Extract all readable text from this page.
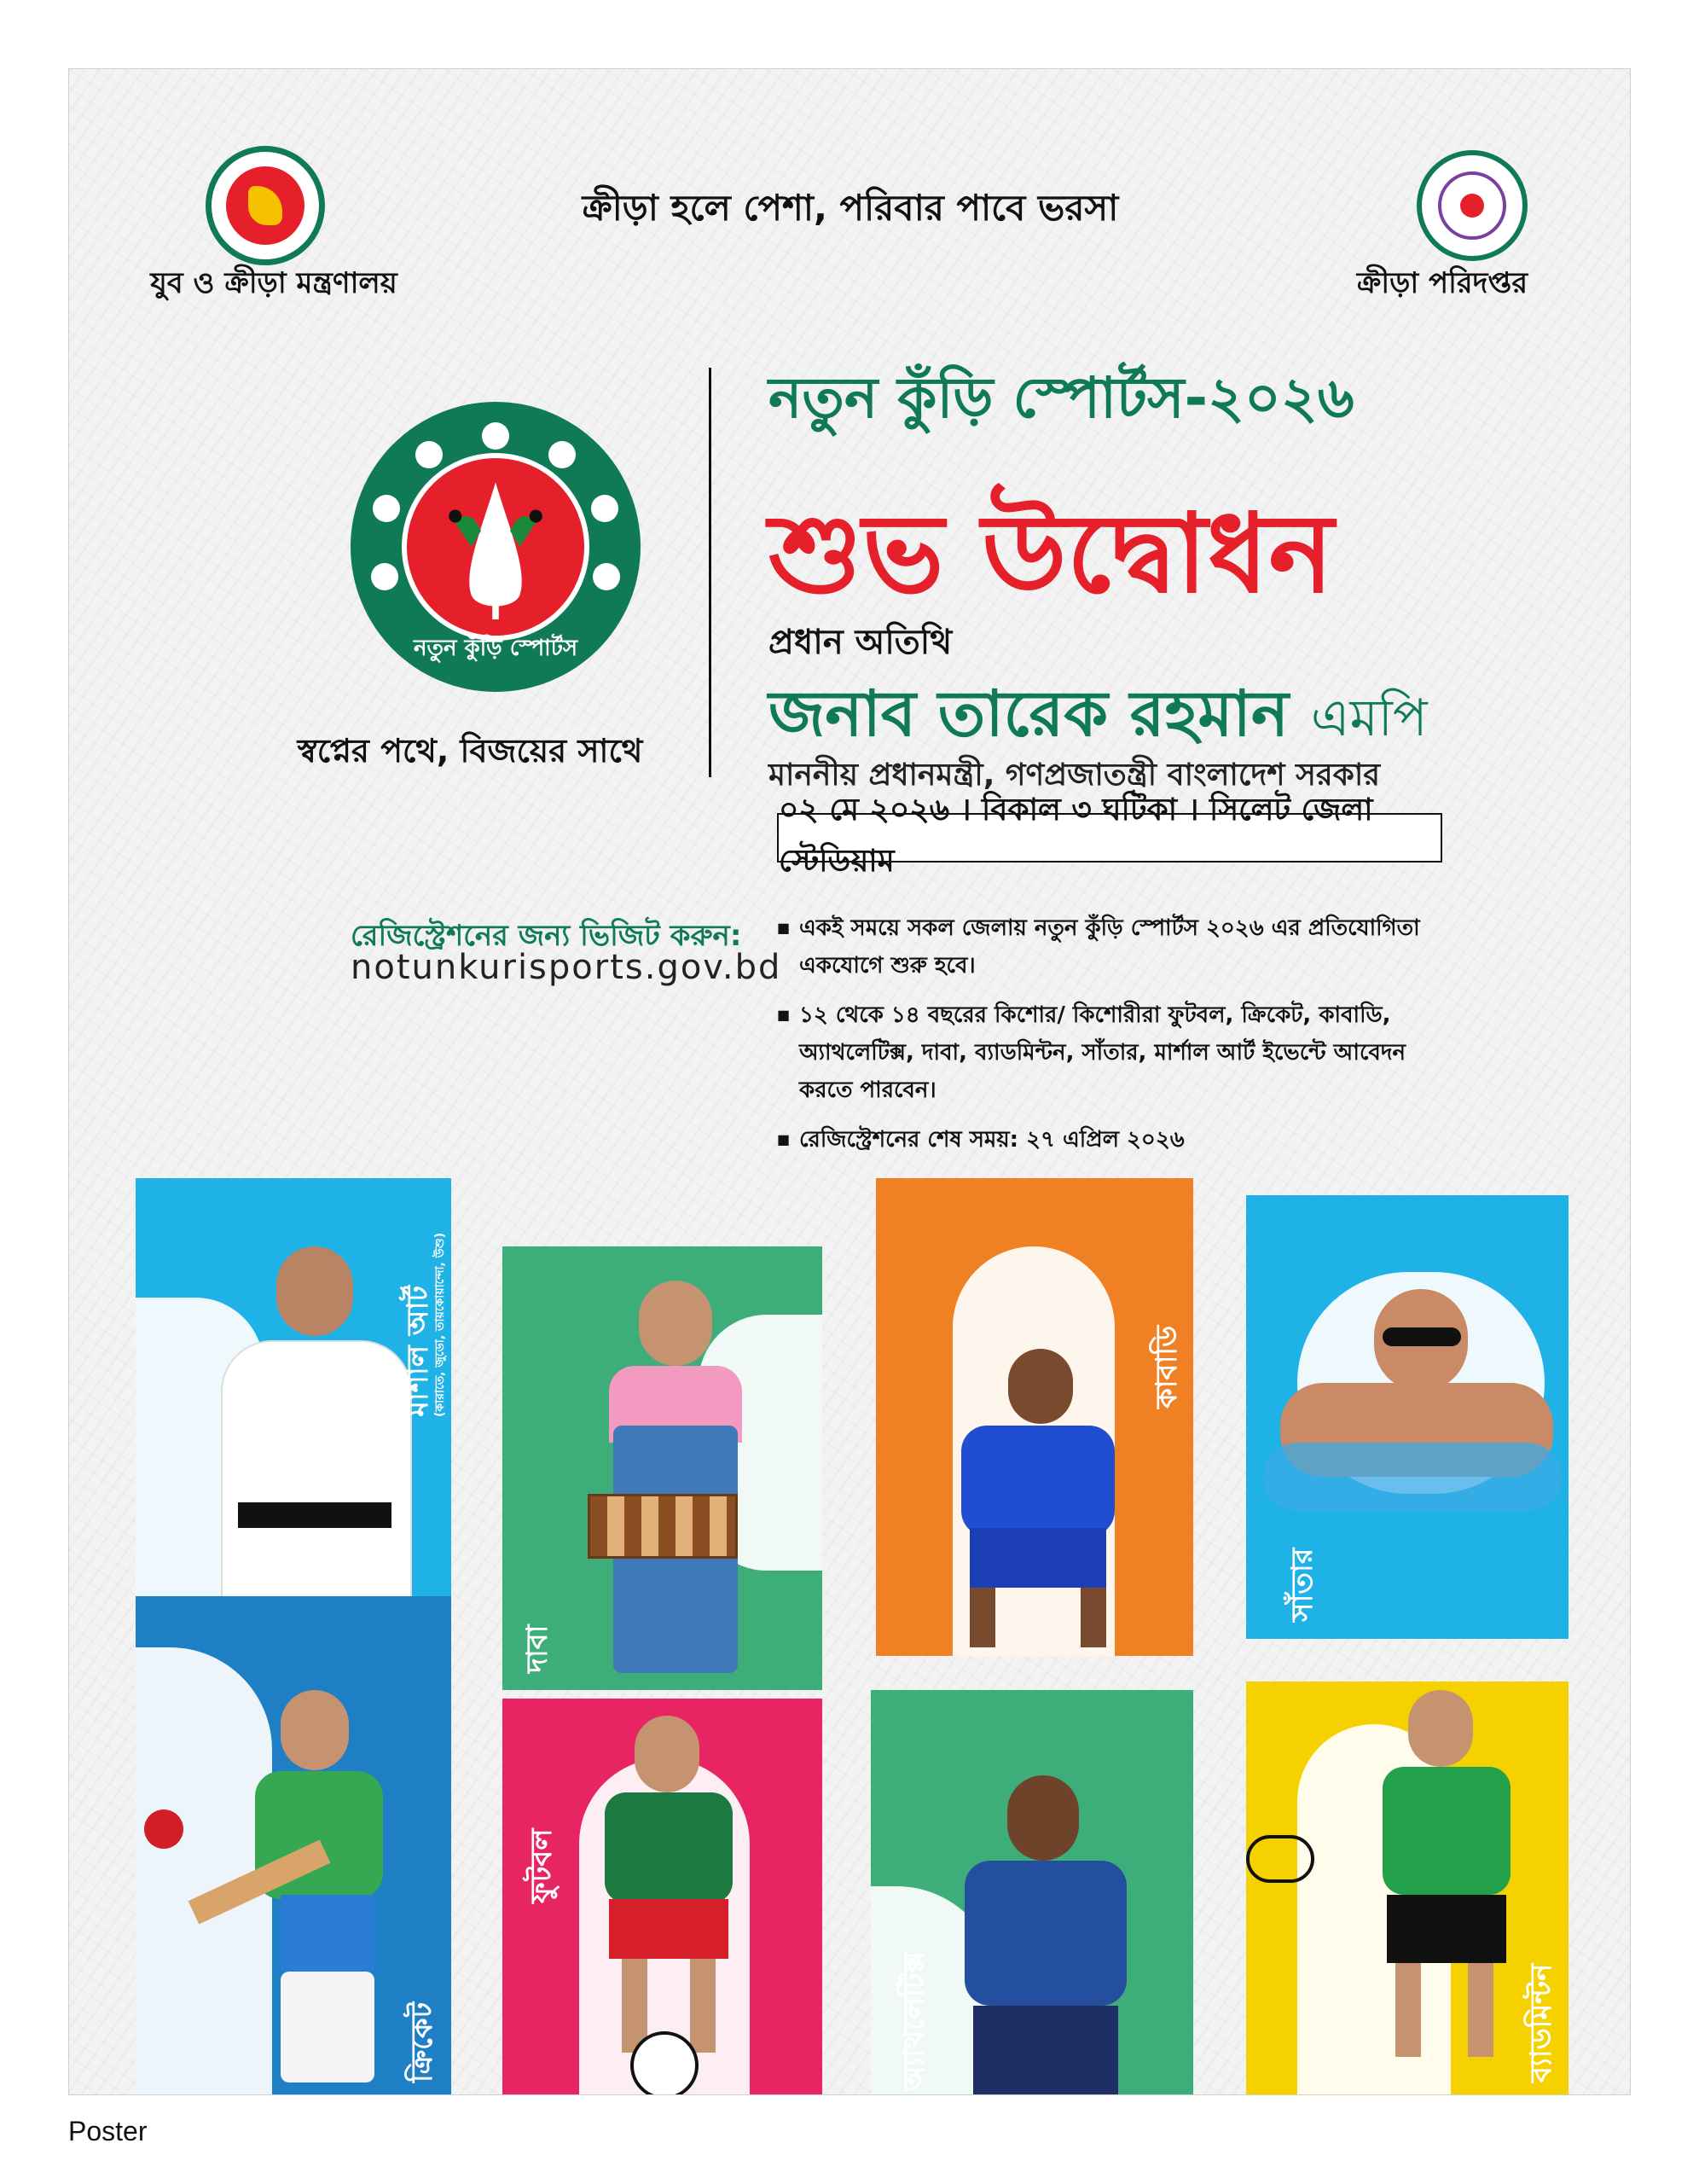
ক্রীড়া হলে পেশা, পরিবার পাবে ভরসা
যুব ও ক্রীড়া মন্ত্রণালয়	ক্রীড়া পরিদপ্তর
নতুন কুঁড়ি স্পোর্টস
স্বপ্নের পথে, বিজয়ের সাথে
নতুন কুঁড়ি স্পোর্টস-২০২৬
শুভ উদ্বোধন
প্রধান অতিথি
জনাব তারেক রহমান এমপি
মাননীয় প্রধানমন্ত্রী, গণপ্রজাতন্ত্রী বাংলাদেশ সরকার
০২ মে ২০২৬ । বিকাল ৩ ঘটিকা । সিলেট জেলা স্টেডিয়াম
রেজিস্ট্রেশনের জন্য ভিজিট করুন:
notunkurisports.gov.bd
■ একই সময়ে সকল জেলায় নতুন কুঁড়ি স্পোর্টস ২০২৬ এর প্রতিযোগিতা একযোগে শুরু হবে।
■ ১২ থেকে ১৪ বছরের কিশোর/ কিশোরীরা ফুটবল, ক্রিকেট, কাবাডি, অ্যাথলেটিক্স, দাবা, ব্যাডমিন্টন, সাঁতার, মার্শাল আর্ট ইভেন্টে আবেদন করতে পারবেন।
■ রেজিস্ট্রেশনের শেষ সময়: ২৭ এপ্রিল ২০২৬
মার্শাল আর্ট
(কারাতে, জুডো, তায়কোয়ান্দো, উশু)
দাবা
কাবাডি
সাঁতার
ক্রিকেট
ফুটবল
অ্যাথলেটিক্স	ব্যাডমিন্টন
Poster
